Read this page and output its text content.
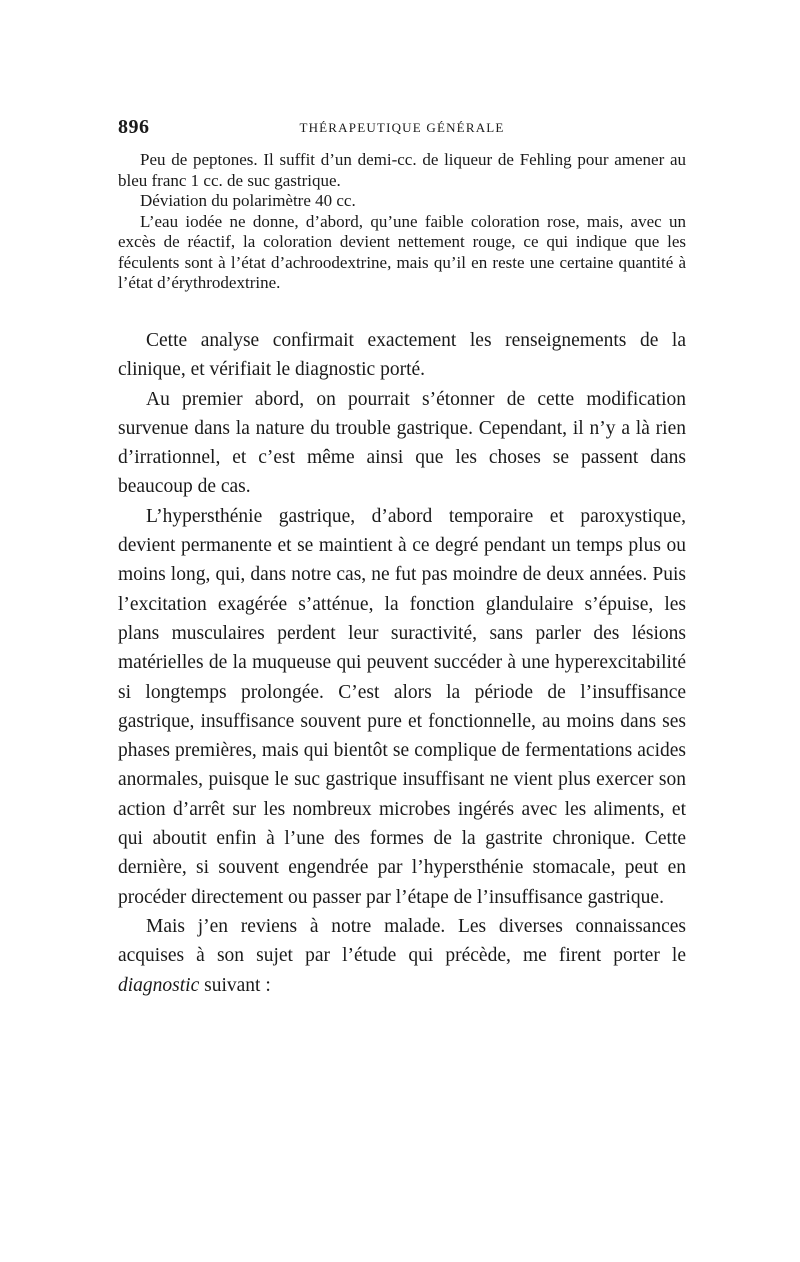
896	THÉRAPEUTIQUE GÉNÉRALE

Peu de peptones. Il suffit d’un demi-cc. de liqueur de Fehling pour amener au bleu franc 1 cc. de suc gastrique.

Déviation du polarimètre 40 cc.

L’eau iodée ne donne, d’abord, qu’une faible coloration rose, mais, avec un excès de réactif, la coloration devient nettement rouge, ce qui indique que les féculents sont à l’état d’achroodextrine, mais qu’il en reste une certaine quantité à l’état d’érythrodextrine.

Cette analyse confirmait exactement les renseignements de la clinique, et vérifiait le diagnostic porté.

Au premier abord, on pourrait s’étonner de cette modification survenue dans la nature du trouble gastrique. Cependant, il n’y a là rien d’irrationnel, et c’est même ainsi que les choses se passent dans beaucoup de cas.

L’hypersthénie gastrique, d’abord temporaire et paroxystique, devient permanente et se maintient à ce degré pendant un temps plus ou moins long, qui, dans notre cas, ne fut pas moindre de deux années. Puis l’excitation exagérée s’atténue, la fonction glandulaire s’épuise, les plans musculaires perdent leur suractivité, sans parler des lésions matérielles de la muqueuse qui peuvent succéder à une hyperexcitabilité si longtemps prolongée. C’est alors la période de l’insuffisance gastrique, insuffisance souvent pure et fonctionnelle, au moins dans ses phases premières, mais qui bientôt se complique de fermentations acides anormales, puisque le suc gastrique insuffisant ne vient plus exercer son action d’arrêt sur les nombreux microbes ingérés avec les aliments, et qui aboutit enfin à l’une des formes de la gastrite chronique. Cette dernière, si souvent engendrée par l’hypersthénie stomacale, peut en procéder directement ou passer par l’étape de l’insuffisance gastrique.

Mais j’en reviens à notre malade. Les diverses connaissances acquises à son sujet par l’étude qui précède, me firent porter le diagnostic suivant :
